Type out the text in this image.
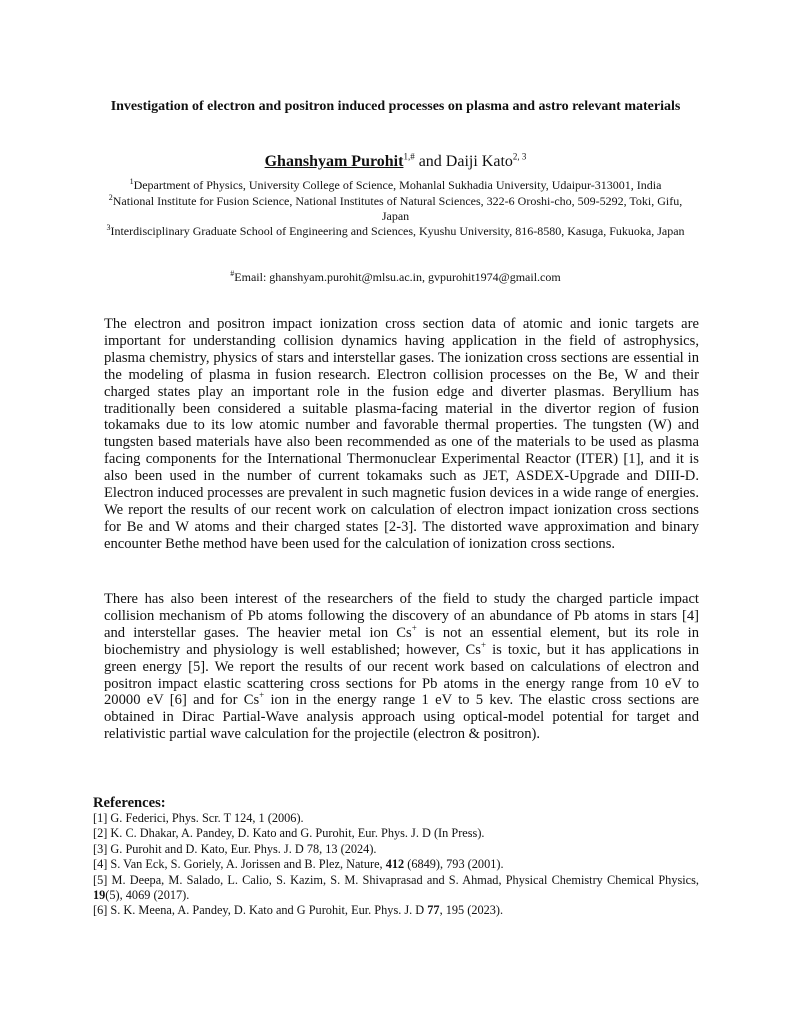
Investigation of electron and positron induced processes on plasma and astro relevant materials
Ghanshyam Purohit$^{1,\#}$ and Daiji Kato$^{2, 3}$
$^1$Department of Physics, University College of Science, Mohanlal Sukhadia University, Udaipur-313001, India
$^2$National Institute for Fusion Science, National Institutes of Natural Sciences, 322-6 Oroshi-cho, 509-5292, Toki, Gifu, Japan
$^3$Interdisciplinary Graduate School of Engineering and Sciences, Kyushu University, 816-8580, Kasuga, Fukuoka, Japan
#Email: ghanshyam.purohit@mlsu.ac.in, gvpurohit1974@gmail.com

The electron and positron impact ionization cross section data of atomic and ionic targets are important for understanding collision dynamics having application in the field of astrophysics, plasma chemistry, physics of stars and interstellar gases. The ionization cross sections are essential in the modeling of plasma in fusion research. Electron collision processes on the Be, W and their charged states play an important role in the fusion edge and diverter plasmas. Beryllium has traditionally been considered a suitable plasma-facing material in the divertor region of fusion tokamaks due to its low atomic number and favorable thermal properties. The tungsten (W) and tungsten based materials have also been recommended as one of the materials to be used as plasma facing components for the International Thermonuclear Experimental Reactor (ITER) [1], and it is also been used in the number of current tokamaks such as JET, ASDEX-Upgrade and DIII-D. Electron induced processes are prevalent in such magnetic fusion devices in a wide range of energies. We report the results of our recent work on calculation of electron impact ionization cross sections for Be and W atoms and their charged states [2-3]. The distorted wave approximation and binary encounter Bethe method have been used for the calculation of ionization cross sections.

There has also been interest of the researchers of the field to study the charged particle impact collision mechanism of Pb atoms following the discovery of an abundance of Pb atoms in stars [4] and interstellar gases. The heavier metal ion Cs+ is not an essential element, but its role in biochemistry and physiology is well established; however, Cs+ is toxic, but it has applications in green energy [5]. We report the results of our recent work based on calculations of electron and positron impact elastic scattering cross sections for Pb atoms in the energy range from 10 eV to 20000 eV [6] and for Cs+ ion in the energy range 1 eV to 5 kev. The elastic cross sections are obtained in Dirac Partial-Wave analysis approach using optical-model potential for target and relativistic partial wave calculation for the projectile (electron & positron).

References:
[1] G. Federici, Phys. Scr. T 124, 1 (2006).
[2] K. C. Dhakar, A. Pandey, D. Kato and G. Purohit, Eur. Phys. J. D (In Press).
[3] G. Purohit and D. Kato, Eur. Phys. J. D 78, 13 (2024).
[4] S. Van Eck, S. Goriely, A. Jorissen and B. Plez, Nature, 412 (6849), 793 (2001).
[5] M. Deepa, M. Salado, L. Calio, S. Kazim, S. M. Shivaprasad and S. Ahmad, Physical Chemistry Chemical Physics, 19(5), 4069 (2017).
[6] S. K. Meena, A. Pandey, D. Kato and G Purohit, Eur. Phys. J. D 77, 195 (2023).
